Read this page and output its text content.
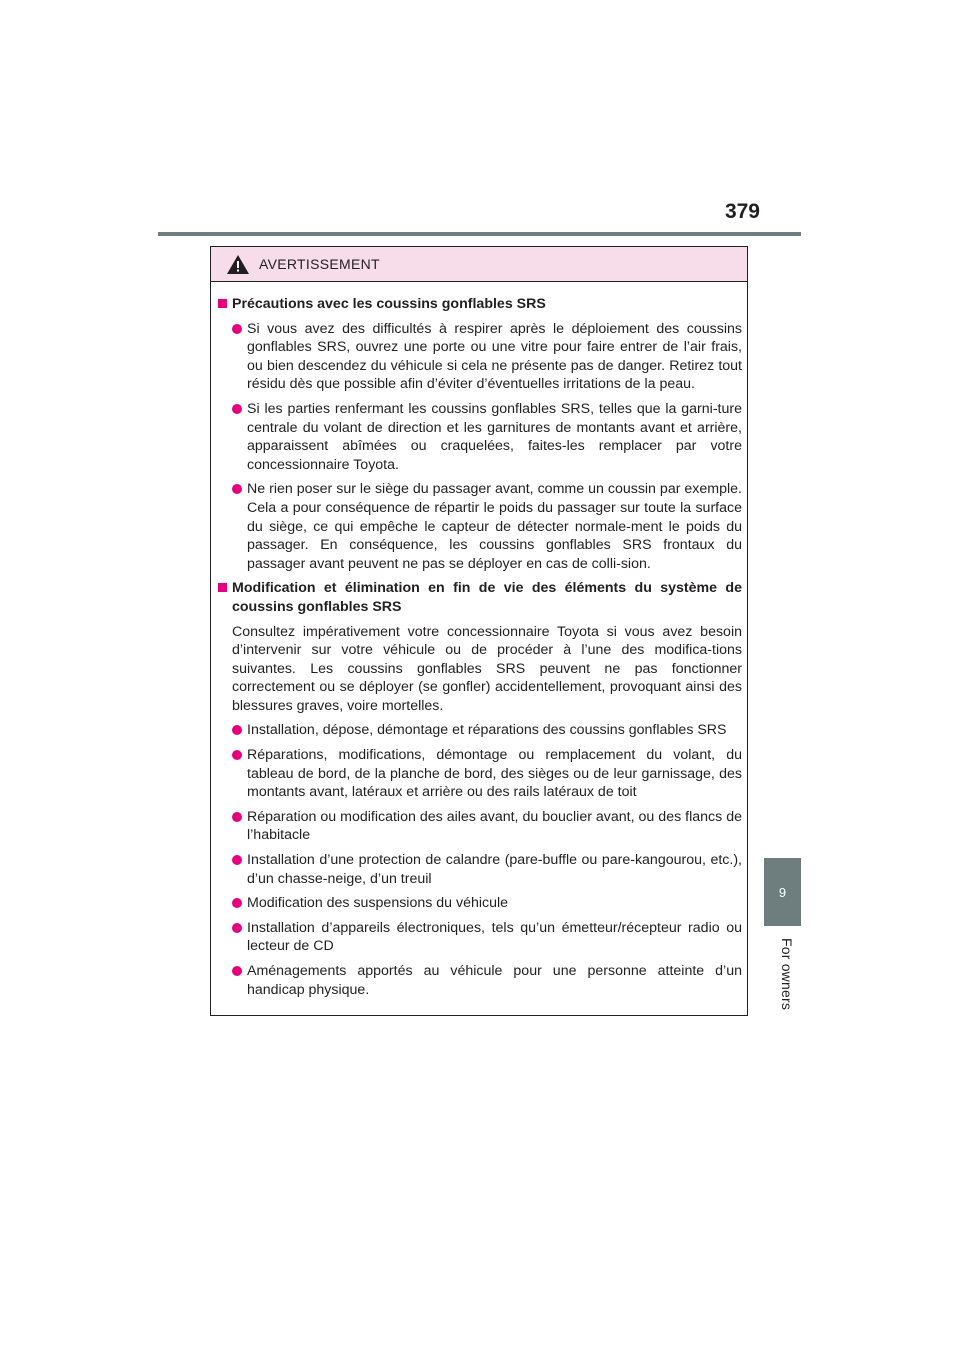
379
9
For owners
AVERTISSEMENT
Précautions avec les coussins gonflables SRS
Si vous avez des difficultés à respirer après le déploiement des coussins gonflables SRS, ouvrez une porte ou une vitre pour faire entrer de l’air frais, ou bien descendez du véhicule si cela ne présente pas de danger. Retirez tout résidu dès que possible afin d’éviter d’éventuelles irritations de la peau.
Si les parties renfermant les coussins gonflables SRS, telles que la garni-ture centrale du volant de direction et les garnitures de montants avant et arrière, apparaissent abîmées ou craquelées, faites-les remplacer par votre concessionnaire Toyota.
Ne rien poser sur le siège du passager avant, comme un coussin par exemple. Cela a pour conséquence de répartir le poids du passager sur toute la surface du siège, ce qui empêche le capteur de détecter normale-ment le poids du passager. En conséquence, les coussins gonflables SRS frontaux du passager avant peuvent ne pas se déployer en cas de colli-sion.
Modification et élimination en fin de vie des éléments du système de coussins gonflables SRS
Consultez impérativement votre concessionnaire Toyota si vous avez besoin d’intervenir sur votre véhicule ou de procéder à l’une des modifica-tions suivantes. Les coussins gonflables SRS peuvent ne pas fonctionner correctement ou se déployer (se gonfler) accidentellement, provoquant ainsi des blessures graves, voire mortelles.
Installation, dépose, démontage et réparations des coussins gonflables SRS
Réparations, modifications, démontage ou remplacement du volant, du tableau de bord, de la planche de bord, des sièges ou de leur garnissage, des montants avant, latéraux et arrière ou des rails latéraux de toit
Réparation ou modification des ailes avant, du bouclier avant, ou des flancs de l’habitacle
Installation d’une protection de calandre (pare-buffle ou pare-kangourou, etc.), d’un chasse-neige, d’un treuil
Modification des suspensions du véhicule
Installation d’appareils électroniques, tels qu’un émetteur/récepteur radio ou lecteur de CD
Aménagements apportés au véhicule pour une personne atteinte d’un handicap physique.
